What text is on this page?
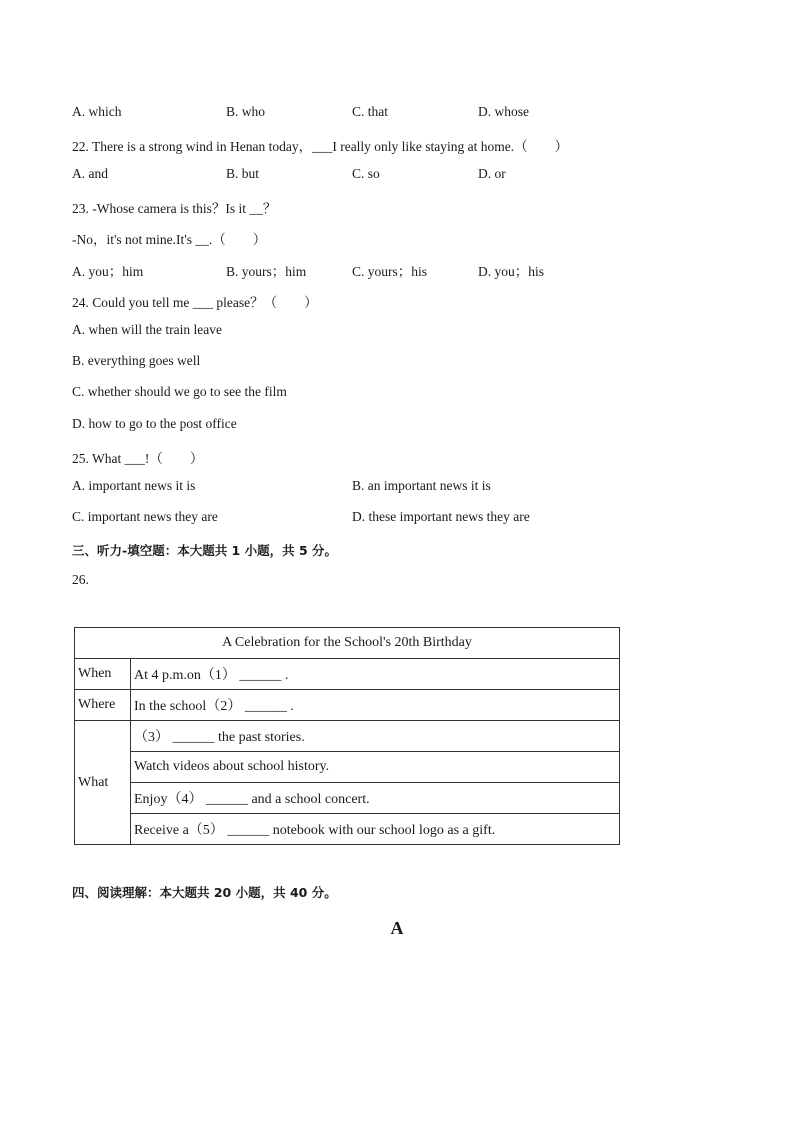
A. which	B. who	C. that	D. whose
22. There is a strong wind in Henan today，___I really only like staying at home.（　　）
A. and	B. but	C. so	D. or
23. -Whose camera is this？Is it __？
-No，it's not mine.It's __.（　　）
A. you；him	B. yours；him	C. yours；his	D. you；his
24. Could you tell me ___ please？（　　）
A. when will the train leave
B. everything goes well
C. whether should we go to see the film
D. how to go to the post office
25. What ___!（　　）
A. important news it is	B. an important news it is
C. important news they are	D. these important news they are
三、听力-填空题：本大题共 1 小题，共 5 分。
26.
A Celebration for the School's 20th Birthday	
When	At 4 p.m.on（1） ______ .
Where	In the school（2） ______ .
What	（3） ______ the past stories.
	Watch videos about school history.
	Enjoy（4） ______ and a school concert.
	Receive a（5） ______ notebook with our school logo as a gift.
四、阅读理解：本大题共 20 小题，共 40 分。
A
